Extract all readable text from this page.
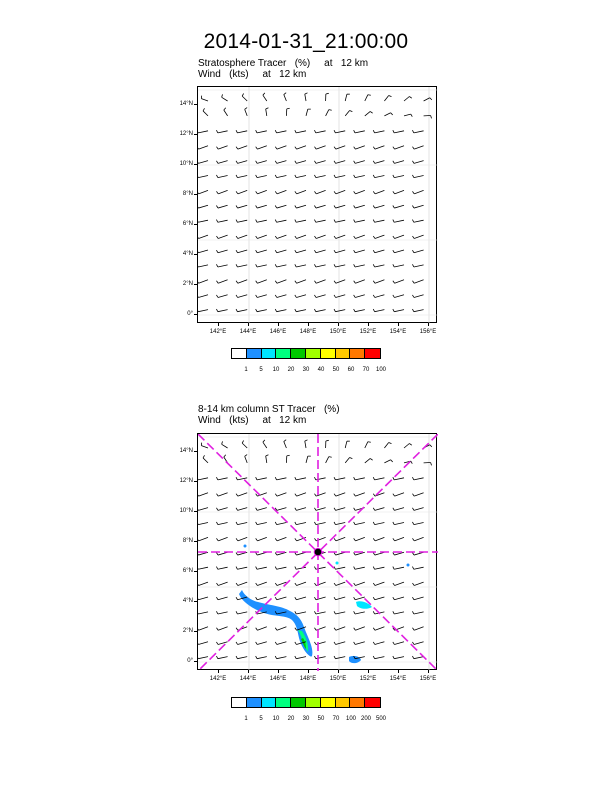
2014-01-31_21:00:00
Stratosphere Tracer   (%)     at   12 km
Wind   (kts)     at   12 km
14°N
12°N
10°N
8°N
6°N
4°N
2°N
0°
142°E	144°E	146°E	148°E	150°E	152°E	154°E	156°E
1	5	10	20	30	40	50	60	70	100
8-14 km column ST Tracer   (%)
Wind   (kts)     at   12 km
14°N
12°N
10°N
8°N
6°N
4°N
2°N
0°
142°E	144°E	146°E	148°E	150°E	152°E	154°E	156°E
1	5	10	20	30	50	70	100 200 500
